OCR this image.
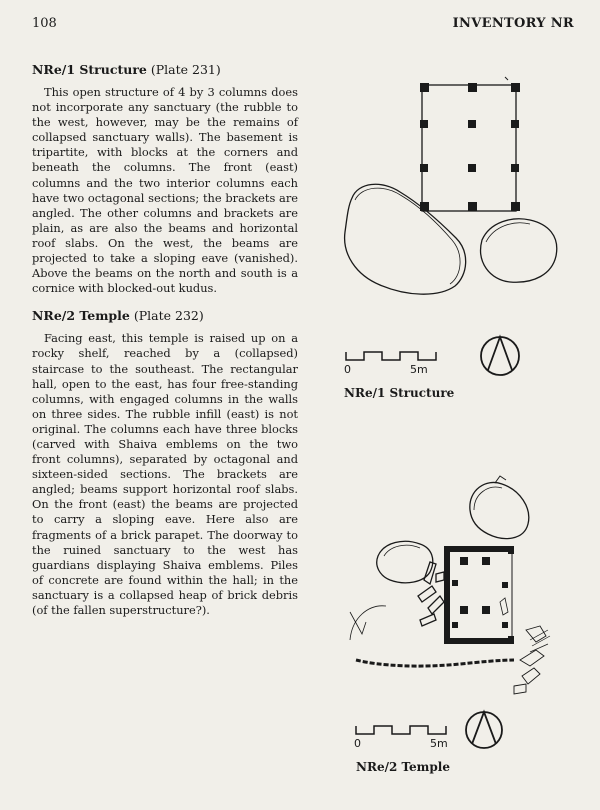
108	INVENTORY NR

NRe/1 Structure (Plate 231)

This open structure of 4 by 3 columns does not incorporate any sanctuary (the rubble to the west, however, may be the remains of collapsed sanctuary walls). The basement is tripartite, with blocks at the corners and beneath the columns. The front (east) columns and the two interior columns each have two octagonal sections; the brackets are angled. The other columns and brackets are plain, as are also the beams and horizontal roof slabs. On the west, the beams are projected to take a sloping eave (vanished). Above the beams on the north and south is a cornice with blocked-out kudus.

NRe/2 Temple (Plate 232)

Facing east, this temple is raised up on a rocky shelf, reached by a (collapsed) staircase to the southeast. The rectangular hall, open to the east, has four free-standing columns, with engaged columns in the walls on three sides. The rubble infill (east) is not original. The columns each have three blocks (carved with Shaiva emblems on the two front columns), separated by octagonal and sixteen-sided sections. The brackets are angled; beams support horizontal roof slabs. On the front (east) the beams are projected to carry a sloping eave. Here also are fragments of a brick parapet. The doorway to the ruined sanctuary to the west has guardians displaying Shaiva emblems. Piles of concrete are found within the hall; in the sanctuary is a collapsed heap of brick debris (of the fallen superstructure?).

0	5m
NRe/1 Structure
0	5m
NRe/2 Temple
